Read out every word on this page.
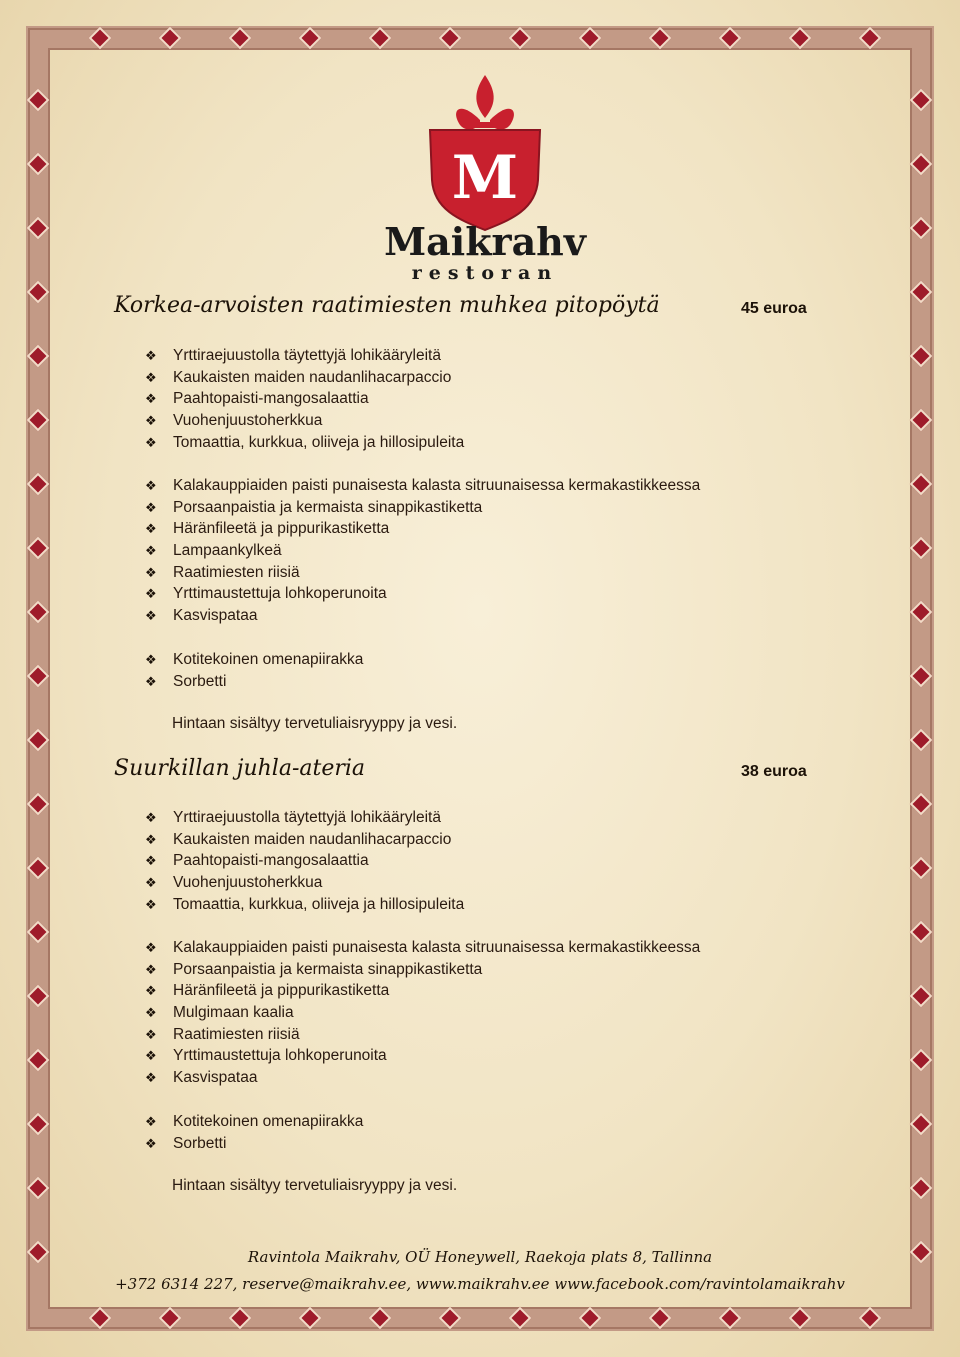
M
Maikrahv
restoran
Korkea-arvoisten raatimiesten muhkea pitopöytä	45 euroa
❖ Yrttiraejuustolla täytettyjä lohikääryleitä
❖ Kaukaisten maiden naudanlihacarpaccio
❖ Paahtopaisti-mangosalaattia
❖ Vuohenjuustoherkkua
❖ Tomaattia, kurkkua, oliiveja ja hillosipuleita
❖ Kalakauppiaiden paisti punaisesta kalasta sitruunaisessa kermakastikkeessa
❖ Porsaanpaistia ja kermaista sinappikastiketta
❖ Häränfileetä ja pippurikastiketta
❖ Lampaankylkeä
❖ Raatimiesten riisiä
❖ Yrttimaustettuja lohkoperunoita
❖ Kasvispataa
❖ Kotitekoinen omenapiirakka
❖ Sorbetti
Hintaan sisältyy tervetuliaisryyppy ja vesi.
Suurkillan juhla-ateria	38 euroa
❖ Yrttiraejuustolla täytettyjä lohikääryleitä
❖ Kaukaisten maiden naudanlihacarpaccio
❖ Paahtopaisti-mangosalaattia
❖ Vuohenjuustoherkkua
❖ Tomaattia, kurkkua, oliiveja ja hillosipuleita
❖ Kalakauppiaiden paisti punaisesta kalasta sitruunaisessa kermakastikkeessa
❖ Porsaanpaistia ja kermaista sinappikastiketta
❖ Häränfileetä ja pippurikastiketta
❖ Mulgimaan kaalia
❖ Raatimiesten riisiä
❖ Yrttimaustettuja lohkoperunoita
❖ Kasvispataa
❖ Kotitekoinen omenapiirakka
❖ Sorbetti
Hintaan sisältyy tervetuliaisryyppy ja vesi.
Ravintola Maikrahv, OÜ Honeywell, Raekoja plats 8, Tallinna
+372 6314 227, reserve@maikrahv.ee, www.maikrahv.ee www.facebook.com/ravintolamaikrahv
